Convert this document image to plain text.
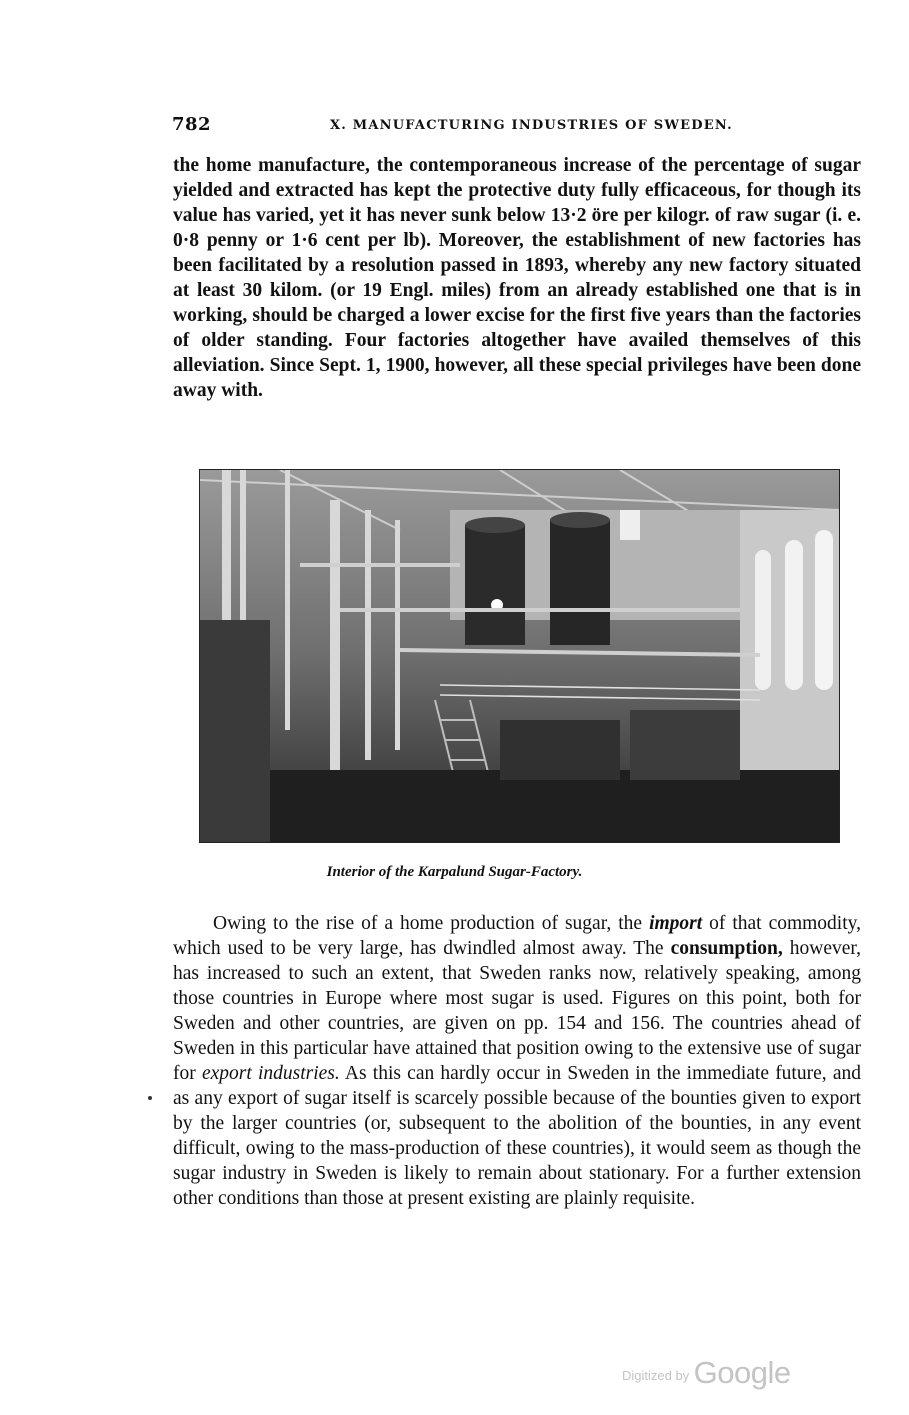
782	X. MANUFACTURING INDUSTRIES OF SWEDEN.

the home manufacture, the contemporaneous increase of the percentage of sugar yielded and extracted has kept the protective duty fully efficaceous, for though its value has varied, yet it has never sunk below 13·2 öre per kilogr. of raw sugar (i. e. 0·8 penny or 1·6 cent per lb). Moreover, the establishment of new factories has been facilitated by a resolution passed in 1893, whereby any new factory situated at least 30 kilom. (or 19 Engl. miles) from an already established one that is in working, should be charged a lower excise for the first five years than the factories of older standing. Four factories altogether have availed themselves of this alleviation. Since Sept. 1, 1900, however, all these special privileges have been done away with.

Interior of the Karpalund Sugar-Factory.

Owing to the rise of a home production of sugar, the import of that commodity, which used to be very large, has dwindled almost away. The consumption, however, has increased to such an extent, that Sweden ranks now, relatively speaking, among those countries in Europe where most sugar is used. Figures on this point, both for Sweden and other countries, are given on pp. 154 and 156. The countries ahead of Sweden in this particular have attained that position owing to the extensive use of sugar for export industries. As this can hardly occur in Sweden in the immediate future, and as any export of sugar itself is scarcely possible because of the bounties given to export by the larger countries (or, subsequent to the abolition of the bounties, in any event difficult, owing to the mass-production of these countries), it would seem as though the sugar industry in Sweden is likely to remain about stationary. For a further extension other conditions than those at present existing are plainly requisite.

Digitized by Google
